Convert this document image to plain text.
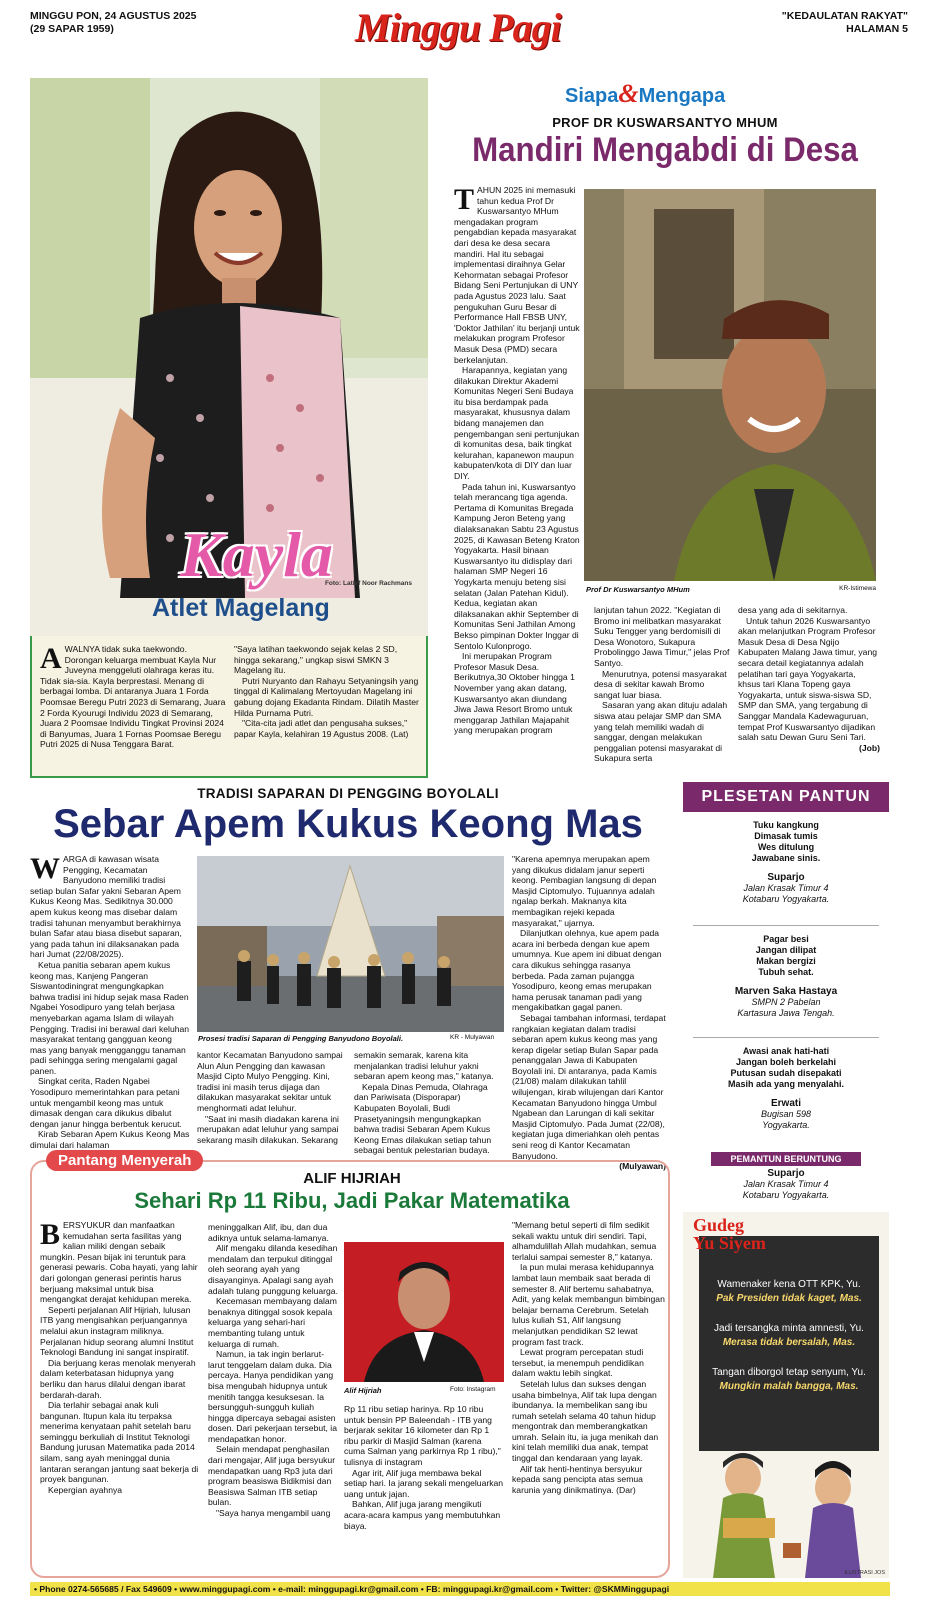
MINGGU PON, 24 AGUSTUS 2025
(29 SAPAR 1959)	Minggu Pagi	"KEDAULATAN RAKYAT"
HALAMAN 5
Kayla
Foto: Latief Noor Rachmans
Atlet Magelang
A WALNYA tidak suka taekwondo. Dorongan keluarga membuat Kayla Nur Juveyna menggeluti olahraga keras itu. Tidak sia-sia. Kayla berprestasi. Menang di berbagai lomba. Di antaranya Juara 1 Forda Poomsae Beregu Putri 2023 di Semarang, Juara 2 Forda Kyourugi Individu 2023 di Semarang, Juara 2 Poomsae Individu Tingkat Provinsi 2024 di Banyumas, Juara 1 Fornas Poomsae Beregu Putri 2025 di Nusa Tenggara Barat.

"Saya latihan taekwondo sejak kelas 2 SD, hingga sekarang," ungkap siswi SMKN 3 Magelang itu.

Putri Nuryanto dan Rahayu Setyaningsih yang tinggal di Kalimalang Mertoyudan Magelang ini gabung dojang Ekadanta Rindam. Dilatih Master Hilda Purnama Putri.

"Cita-cita jadi atlet dan pengusaha sukses," papar Kayla, kelahiran 19 Agustus 2008. (Lat)

Siapa&Mengapa
PROF DR KUSWARSANTYO MHUM
Mandiri Mengabdi di Desa

TAHUN 2025 ini memasuki tahun kedua Prof Dr Kuswarsantyo MHum mengadakan program pengabdian kepada masyarakat dari desa ke desa secara mandiri. Hal itu sebagai implementasi diraihnya Gelar Kehormatan sebagai Profesor Bidang Seni Pertunjukan di UNY pada Agustus 2023 lalu. Saat pengukuhan Guru Besar di Performance Hall FBSB UNY, 'Doktor Jathilan' itu berjanji untuk melakukan program Profesor Masuk Desa (PMD) secara berkelanjutan.

Harapannya, kegiatan yang dilakukan Direktur Akademi Komunitas Negeri Seni Budaya itu bisa berdampak pada masyarakat, khususnya dalam bidang manajemen dan pengembangan seni pertunjukan di komunitas desa, baik tingkat kelurahan, kapanewon maupun kabupaten/kota di DIY dan luar DIY.

Pada tahun ini, Kuswarsantyo telah merancang tiga agenda. Pertama di Komunitas Bregada Kampung Jeron Beteng yang dialaksanakan Sabtu 23 Agustus 2025, di Kawasan Beteng Kraton Yogyakarta. Hasil binaan Kuswarsantyo itu didisplay dari halaman SMP Negeri 16 Yogykarta menuju beteng sisi selatan (Jalan Patehan Kidul). Kedua, kegiatan akan dilaksanakan akhir September di Komunitas Seni Jathilan Among Bekso pimpinan Dokter Inggar di Sentolo Kulonprogo.

Ini merupakan Program Profesor Masuk Desa. Berikutnya,30 Oktober hingga 1 November yang akan datang, Kuswarsantyo akan diundang Jiwa Jawa Resort Bromo untuk menggarap Jathilan Majapahit yang merupakan program

Prof Dr Kuswarsantyo MHum	KR-Istimewa

lanjutan tahun 2022. "Kegiatan di Bromo ini melibatkan masyarakat Suku Tengger yang berdomisili di Desa Wonotoro, Sukapura Probolinggo Jawa Timur," jelas Prof Santyo.

Menurutnya, potensi masyarakat desa di sekitar kawah Bromo sangat luar biasa.

Sasaran yang akan dituju adalah siswa atau pelajar SMP dan SMA yang telah memiliki wadah di sanggar, dengan melakukan penggalian potensi masyarakat di Sukapura serta

desa yang ada di sekitarnya.

Untuk tahun 2026 Kuswarsantyo akan melanjutkan Program Profesor Masuk Desa di Desa Ngijo Kabupaten Malang Jawa timur, yang secara detail kegiatannya adalah pelatihan tari gaya Yogyakarta, khsus tari Klana Topeng gaya Yogyakarta, untuk siswa-siswa SD, SMP dan SMA, yang tergabung di Sanggar Mandala Kadewaguruan, tempat Prof Kuswarsantyo dijadikan salah satu Dewan Guru Seni Tari.

(Job)
TRADISI SAPARAN DI PENGGING BOYOLALI
Sebar Apem Kukus Keong Mas

WARGA di kawasan wisata Pengging, Kecamatan Banyudono memiliki tradisi setiap bulan Safar yakni Sebaran Apem Kukus Keong Mas. Sedikitnya 30.000 apem kukus keong mas disebar dalam tradisi tahunan menyambut berakhirnya bulan Safar atau biasa disebut saparan, yang pada tahun ini dilaksanakan pada hari Jumat (22/08/2025).

Ketua panitia sebaran apem kukus keong mas, Kanjeng Pangeran Siswantodiningrat mengungkapkan bahwa tradisi ini hidup sejak masa Raden Ngabei Yosodipuro yang telah berjasa menyebarkan agama Islam di wilayah Pengging. Tradisi ini berawal dari keluhan masyarakat tentang gangguan keong mas yang banyak mengganggu tanaman padi sehingga sering mengalami gagal panen.

Singkat cerita, Raden Ngabei Yosodipuro memerintahkan para petani untuk mengambil keong mas untuk dimasak dengan cara dikukus dibalut dengan janur hingga berbentuk kerucut.

Kirab Sebaran Apem Kukus Keong Mas dimulai dari halaman

Prosesi tradisi Saparan di Pengging Banyudono Boyolali.	KR - Mulyawan

kantor Kecamatan Banyudono sampai Alun Alun Pengging dan kawasan Masjid Cipto Mulyo Pengging. Kini, tradisi ini masih terus dijaga dan dilakukan masyarakat sekitar untuk menghormati adat leluhur.

"Saat ini masih diadakan karena ini merupakan adat leluhur yang sampai sekarang masih dilakukan. Sekarang

semakin semarak, karena kita menjalankan tradisi leluhur yakni sebaran apem keong mas," katanya.

Kepala Dinas Pemuda, Olahraga dan Pariwisata (Disporapar) Kabupaten Boyolali, Budi Prasetyaningsih mengungkapkan bahwa tradisi Sebaran Apem Kukus Keong Emas dilakukan setiap tahun sebagai bentuk pelestarian budaya.

"Karena apemnya merupakan apem yang dikukus didalam janur seperti keong. Pembagian langsung di depan Masjid Ciptomulyo. Tujuannya adalah ngalap berkah. Maknanya kita membagikan rejeki kepada masyarakat," ujarnya.

Dilanjutkan olehnya, kue apem pada acara ini berbeda dengan kue apem umumnya. Kue apem ini dibuat dengan cara dikukus sehingga rasanya berbeda. Pada zaman pujangga Yosodipuro, keong emas merupakan hama perusak tanaman padi yang mengakibatkan gagal panen.

Sebagai tambahan informasi, terdapat rangkaian kegiatan dalam tradisi sebaran apem kukus keong mas yang kerap digelar setiap Bulan Sapar pada penanggalan Jawa di Kabupaten Boyolali ini. Di antaranya, pada Kamis (21/08) malam dilakukan tahlil wilujengan, kirab wilujengan dari Kantor Kecamatan Banyudono hingga Umbul Ngabean dan Larungan di kali sekitar Masjid Ciptomulyo. Pada Jumat (22/08), kegiatan juga dimeriahkan oleh pentas seni reog di Kantor Kecamatan Banyudono.

(Mulyawan)
Pantang Menyerah
ALIF HIJRIAH
Sehari Rp 11 Ribu, Jadi Pakar Matematika

BERSYUKUR dan manfaatkan kemudahan serta fasilitas yang kalian miliki dengan sebaik mungkin. Pesan bijak ini teruntuk para generasi pewaris. Coba hayati, yang lahir dari golongan generasi perintis harus berjuang maksimal untuk bisa mengangkat derajat kehidupan mereka.

Seperti perjalanan Alif Hijriah, lulusan ITB yang mengisahkan perjuangannya melalui akun instagram miliknya. Perjalanan hidup seorang alumni Institut Teknologi Bandung ini sangat inspiratif.

Dia berjuang keras menolak menyerah dalam keterbatasan hidupnya yang berliku dan harus dilalui dengan ibarat berdarah-darah.

Dia terlahir sebagai anak kuli bangunan. Itupun kala itu terpaksa menerima kenyataan pahit setelah baru seminggu berkuliah di Institut Teknologi Bandung jurusan Matematika pada 2014 silam, sang ayah meninggal dunia lantaran serangan jantung saat bekerja di proyek bangunan.

Kepergian ayahnya

meninggalkan Alif, ibu, dan dua adiknya untuk selama-lamanya.

Alif mengaku dilanda kesedihan mendalam dan terpukul ditinggal oleh seorang ayah yang disayanginya. Apalagi sang ayah adalah tulang punggung keluarga.

Kecemasan membayang dalam benaknya ditinggal sosok kepala keluarga yang sehari-hari membanting tulang untuk keluarga di rumah.

Namun, ia tak ingin berlarut-larut tenggelam dalam duka. Dia percaya. Hanya pendidikan yang bisa mengubah hidupnya untuk menitih tangga kesuksesan. Ia bersungguh-sungguh kuliah hingga dipercaya sebagai asisten dosen. Dari pekerjaan tersebut, ia mendapatkan honor.

Selain mendapat penghasilan dari mengajar, Alif juga bersyukur mendapatkan uang Rp3 juta dari program beasiswa Bidikmisi dan Beasiswa Salman ITB setiap bulan.

"Saya hanya mengambil uang

Alif Hijriah	Foto: Instagram

Rp 11 ribu setiap harinya. Rp 10 ribu untuk bensin PP Baleendah - ITB yang berjarak sekitar 16 kilometer dan Rp 1 ribu parkir di Masjid Salman (karena cuma Salman yang parkirnya Rp 1 ribu)," tulisnya di instagram

Agar irit, Alif juga membawa bekal setiap hari. Ia jarang sekali mengeluarkan uang untuk jajan.

Bahkan, Alif juga jarang mengikuti acara-acara kampus yang membutuhkan biaya.

"Memang betul seperti di film sedikit sekali waktu untuk diri sendiri. Tapi, alhamdulillah Allah mudahkan, semua terlalui sampai semester 8," katanya.

Ia pun mulai merasa kehidupannya lambat laun membaik saat berada di semester 8. Alif bertemu sahabatnya, Adit, yang kelak membangun bimbingan belajar bernama Cerebrum. Setelah lulus kuliah S1, Alif langsung melanjutkan pendidikan S2 lewat program fast track.

Lewat program percepatan studi tersebut, ia menempuh pendidikan dalam waktu lebih singkat.

Setelah lulus dan sukses dengan usaha bimbelnya, Alif tak lupa dengan ibundanya. Ia membelikan sang ibu rumah setelah selama 40 tahun hidup mengontrak dan memberangkatkan umrah. Selain itu, ia juga menikah dan kini telah memiliki dua anak, tempat tinggal dan kendaraan yang layak.

Alif tak henti-hentinya bersyukur kepada sang pencipta atas semua karunia yang dinikmatinya. (Dar)

PLESETAN PANTUN
Tuku kangkung
Dimasak tumis
Wes ditulung
Jawabane sinis.
Suparjo
Jalan Krasak Timur 4
Kotabaru Yogyakarta.
Pagar besi
Jangan dilipat
Makan bergizi
Tubuh sehat.
Marven Saka Hastaya
SMPN 2 Pabelan
Kartasura Jawa Tengah.
Awasi anak hati-hati
Jangan boleh berkelahi
Putusan sudah disepakati
Masih ada yang menyalahi.
Erwati
Bugisan 598
Yogyakarta.
PEMANTUN BERUNTUNG
Suparjo
Jalan Krasak Timur 4
Kotabaru Yogyakarta.
Gudeg
Yu Siyem
Wamenaker kena OTT KPK, Yu.
Pak Presiden tidak kaget, Mas.
Jadi tersangka minta amnesti, Yu.
Merasa tidak bersalah, Mas.
Tangan diborgol tetap senyum, Yu.
Mungkin malah bangga, Mas.
ILUSTRASI JOS
• Phone 0274-565685 / Fax 549609 • www.minggupagi.com • e-mail: minggupagi.kr@gmail.com • FB: minggupagi.kr@gmail.com • Twitter: @SKMMinggupagi
